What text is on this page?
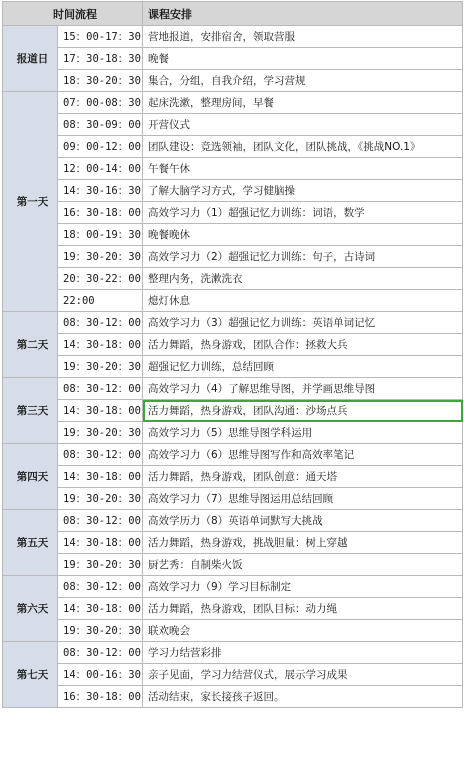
时间流程		课程安排
报道日	15：00-17：30	营地报道，安排宿舍，领取营服
	17：30-18：30	晚餐
	18：30-20：30	集合，分组，自我介绍，学习营规
第一天	07：00-08：30	起床洗漱，整理房间，早餐
	08：30-09：00	开营仪式
	09：00-12：00	团队建设：竞选领袖，团队文化，团队挑战，《挑战NO.1》
	12：00-14：00	午餐午休
	14：30-16：30	了解大脑学习方式，学习健脑操
	16：30-18：00	高效学习力（1）超强记忆力训练：词语，数学
	18：00-19：30	晚餐晚休
	19：30-20：30	高效学习力（2）超强记忆力训练：句子，古诗词
	20：30-22：00	整理内务，洗漱洗衣
	22:00	熄灯休息
第二天	08：30-12：00	高效学习力（3）超强记忆力训练：英语单词记忆
	14：30-18：00	活力舞蹈，热身游戏，团队合作：拯救大兵
	19：30-20：30	超强记忆力训练，总结回顾
第三天	08：30-12：00	高效学习力（4）了解思维导图，并学画思维导图
	14：30-18：00	活力舞蹈，热身游戏，团队沟通：沙场点兵
	19：30-20：30	高效学习力（5）思维导图学科运用
第四天	08：30-12：00	高效学习力（6）思维导图写作和高效率笔记
	14：30-18：00	活力舞蹈，热身游戏，团队创意：通天塔
	19：30-20：30	高效学习力（7）思维导图运用总结回顾
第五天	08：30-12：00	高效学历力（8）英语单词默写大挑战
	14：30-18：00	活力舞蹈，热身游戏，挑战胆量：树上穿越
	19：30-20：30	厨艺秀：自制柴火饭
第六天	08：30-12：00	高效学习力（9）学习目标制定
	14：30-18：00	活力舞蹈，热身游戏，团队目标：动力绳
	19：30-20：30	联欢晚会
第七天	08：30-12：00	学习力结营彩排
	14：00-16：30	亲子见面，学习力结营仪式，展示学习成果
	16：30-18：00	活动结束，家长接孩子返回。
